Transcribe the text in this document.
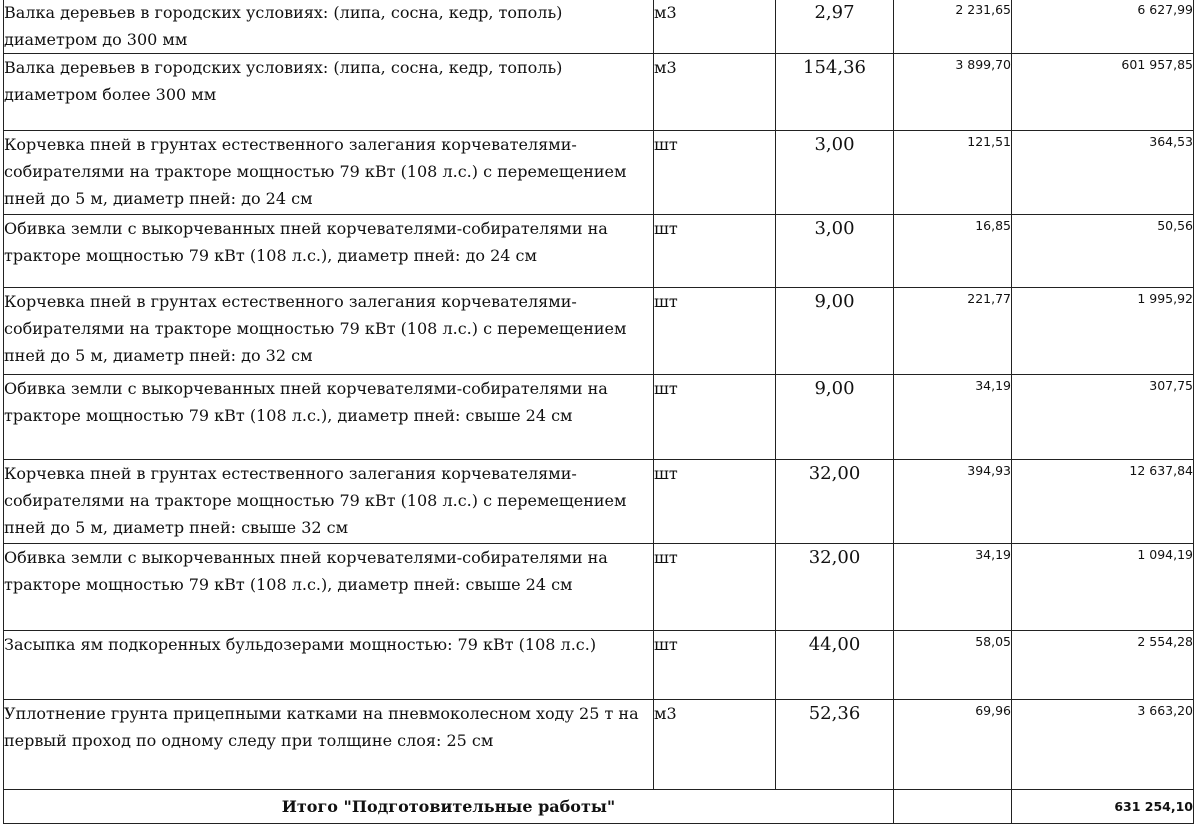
Валка деревьев в городских условиях: (липа, сосна, кедр, тополь) диаметром до 300 мм	м3	2,97	2 231,65	6 627,99
Валка деревьев в городских условиях: (липа, сосна, кедр, тополь) диаметром более 300 мм	м3	154,36	3 899,70	601 957,85
Корчевка пней в грунтах естественного залегания корчевателями-собирателями на тракторе мощностью 79 кВт (108 л.с.) с перемещением пней до 5 м, диаметр пней: до 24 см	шт	3,00	121,51	364,53
Обивка земли с выкорчеванных пней корчевателями-собирателями на тракторе мощностью 79 кВт (108 л.с.), диаметр пней: до 24 см	шт	3,00	16,85	50,56
Корчевка пней в грунтах естественного залегания корчевателями-собирателями на тракторе мощностью 79 кВт (108 л.с.) с перемещением пней до 5 м, диаметр пней: до 32 см	шт	9,00	221,77	1 995,92
Обивка земли с выкорчеванных пней корчевателями-собирателями на тракторе мощностью 79 кВт (108 л.с.), диаметр пней: свыше 24 см	шт	9,00	34,19	307,75
Корчевка пней в грунтах естественного залегания корчевателями-собирателями на тракторе мощностью 79 кВт (108 л.с.) с перемещением пней до 5 м, диаметр пней: свыше 32 см	шт	32,00	394,93	12 637,84
Обивка земли с выкорчеванных пней корчевателями-собирателями на тракторе мощностью 79 кВт (108 л.с.), диаметр пней: свыше 24 см	шт	32,00	34,19	1 094,19
Засыпка ям подкоренных бульдозерами мощностью: 79 кВт (108 л.с.)	шт	44,00	58,05	2 554,28
Уплотнение грунта прицепными катками на пневмоколесном ходу 25 т на первый проход по одному следу при толщине слоя: 25 см	м3	52,36	69,96	3 663,20
Итого "Подготовительные работы"				631 254,10
